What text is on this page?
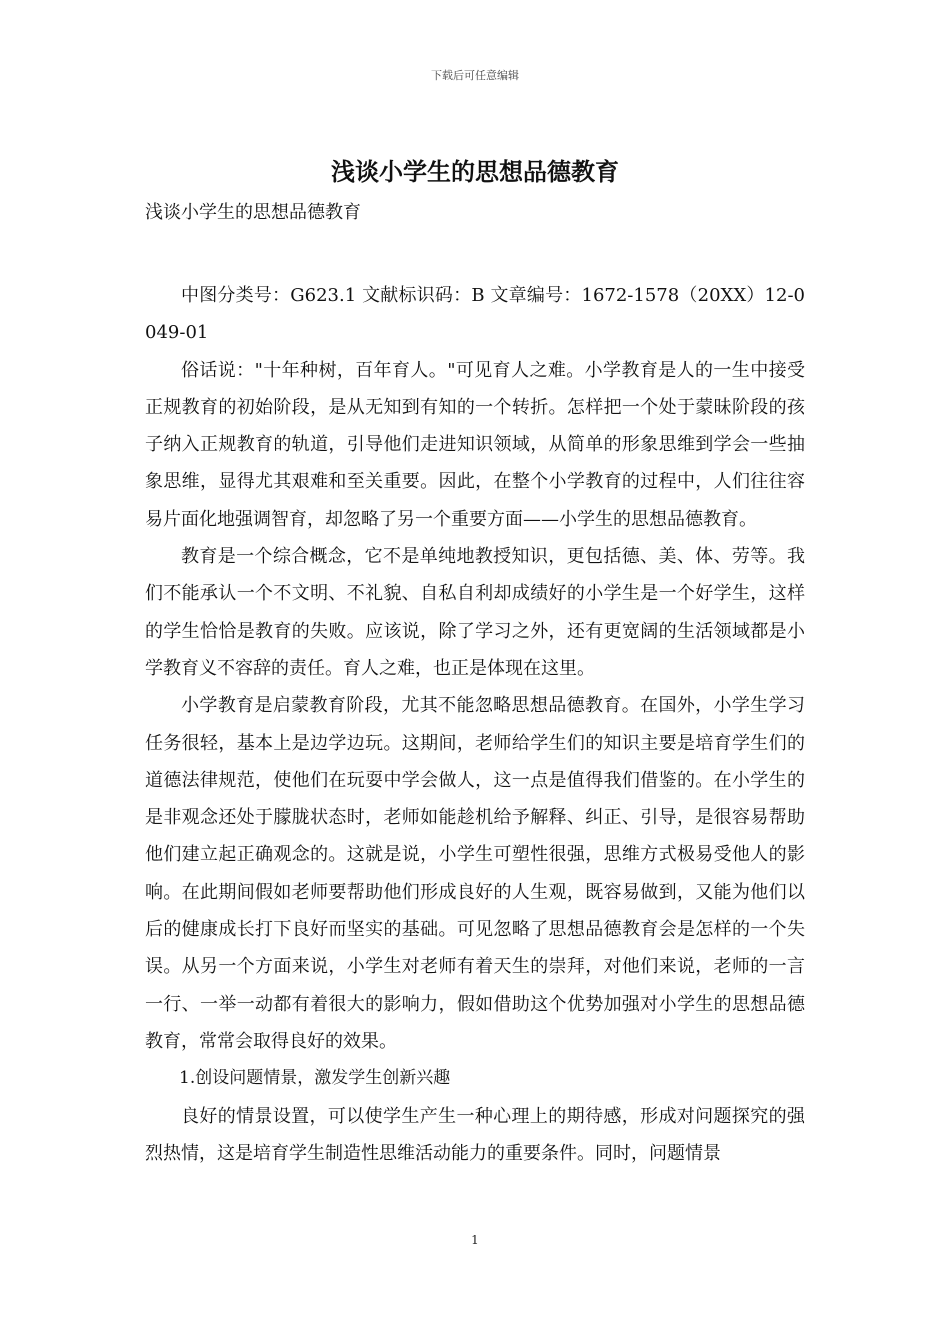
下载后可任意编辑
浅谈小学生的思想品德教育

浅谈小学生的思想品德教育

中图分类号：G623.1 文献标识码：B 文章编号：1672-1578（20XX）12-0049-01

俗话说："十年种树，百年育人。"可见育人之难。小学教育是人的一生中接受正规教育的初始阶段，是从无知到有知的一个转折。怎样把一个处于蒙昧阶段的孩子纳入正规教育的轨道，引导他们走进知识领域，从简单的形象思维到学会一些抽象思维，显得尤其艰难和至关重要。因此，在整个小学教育的过程中，人们往往容易片面化地强调智育，却忽略了另一个重要方面——小学生的思想品德教育。

教育是一个综合概念，它不是单纯地教授知识，更包括德、美、体、劳等。我们不能承认一个不文明、不礼貌、自私自利却成绩好的小学生是一个好学生，这样的学生恰恰是教育的失败。应该说，除了学习之外，还有更宽阔的生活领域都是小学教育义不容辞的责任。育人之难，也正是体现在这里。

小学教育是启蒙教育阶段，尤其不能忽略思想品德教育。在国外，小学生学习任务很轻，基本上是边学边玩。这期间，老师给学生们的知识主要是培育学生们的道德法律规范，使他们在玩耍中学会做人，这一点是值得我们借鉴的。在小学生的是非观念还处于朦胧状态时，老师如能趁机给予解释、纠正、引导，是很容易帮助他们建立起正确观念的。这就是说，小学生可塑性很强，思维方式极易受他人的影响。在此期间假如老师要帮助他们形成良好的人生观，既容易做到，又能为他们以后的健康成长打下良好而坚实的基础。可见忽略了思想品德教育会是怎样的一个失误。从另一个方面来说，小学生对老师有着天生的崇拜，对他们来说，老师的一言一行、一举一动都有着很大的影响力，假如借助这个优势加强对小学生的思想品德教育，常常会取得良好的效果。

1.创设问题情景，激发学生创新兴趣

良好的情景设置，可以使学生产生一种心理上的期待感，形成对问题探究的强烈热情，这是培育学生制造性思维活动能力的重要条件。同时，问题情景

1
